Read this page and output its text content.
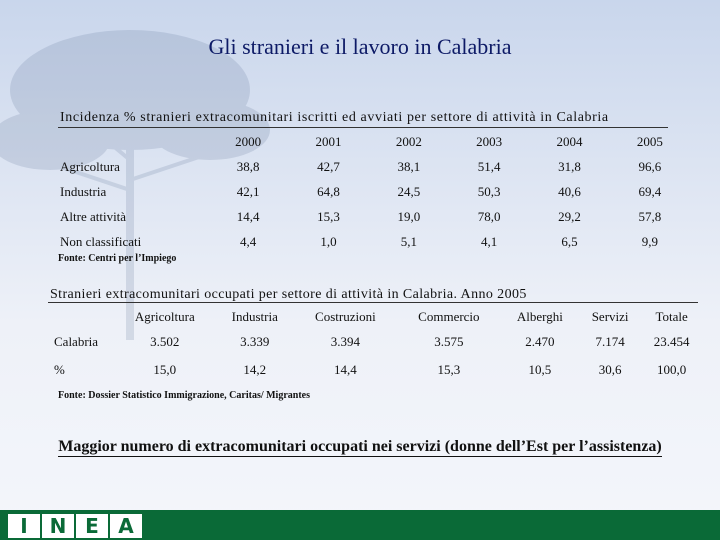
Gli stranieri e il lavoro in Calabria
Incidenza % stranieri extracomunitari iscritti ed avviati per settore di attività in Calabria
	2000	2001	2002	2003	2004	2005
Agricoltura	38,8	42,7	38,1	51,4	31,8	96,6
Industria	42,1	64,8	24,5	50,3	40,6	69,4
Altre attività	14,4	15,3	19,0	78,0	29,2	57,8
Non classificati	4,4	1,0	5,1	4,1	6,5	9,9
Fonte: Centri per l’Impiego
Stranieri extracomunitari occupati per settore di attività in Calabria. Anno 2005
	Agricoltura	Industria	Costruzioni	Commercio	Alberghi	Servizi	Totale
Calabria	3.502	3.339	3.394	3.575	2.470	7.174	23.454
%	15,0	14,2	14,4	15,3	10,5	30,6	100,0
Fonte: Dossier Statistico Immigrazione, Caritas/ Migrantes
Maggior numero di extracomunitari occupati nei servizi (donne dell’Est per l’assistenza)
I	N E A
